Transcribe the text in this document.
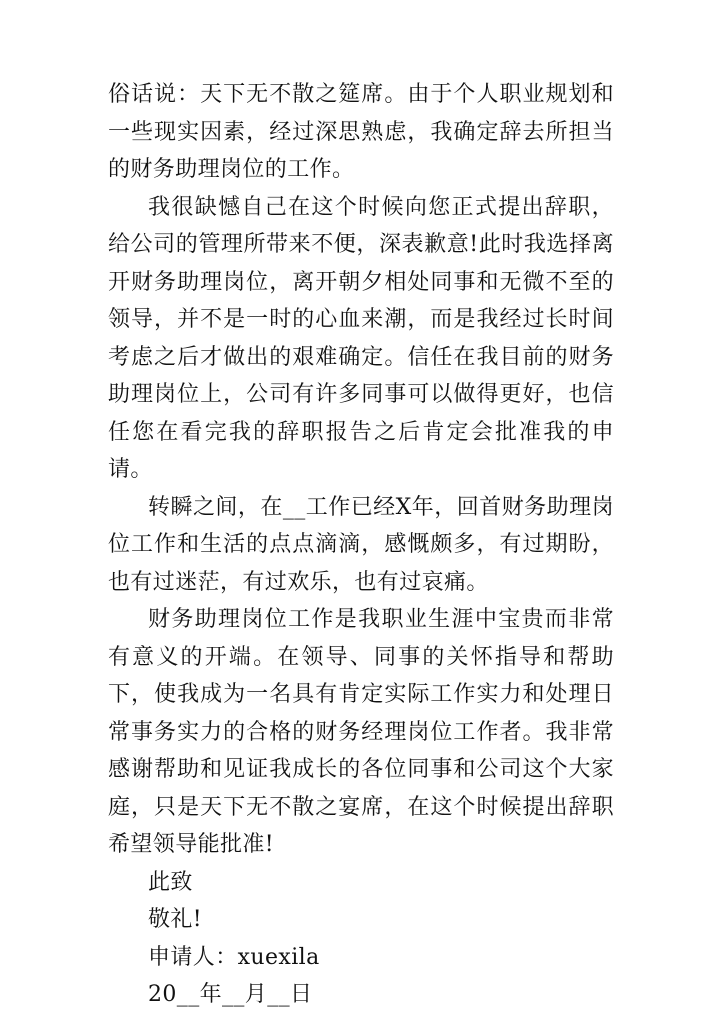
俗话说：天下无不散之筵席。由于个人职业规划和一些现实因素，经过深思熟虑，我确定辞去所担当的财务助理岗位的工作。

我很缺憾自己在这个时候向您正式提出辞职，给公司的管理所带来不便，深表歉意!此时我选择离开财务助理岗位，离开朝夕相处同事和无微不至的领导，并不是一时的心血来潮，而是我经过长时间考虑之后才做出的艰难确定。信任在我目前的财务助理岗位上，公司有许多同事可以做得更好，也信任您在看完我的辞职报告之后肯定会批准我的申请。

转瞬之间，在__工作已经X年，回首财务助理岗位工作和生活的点点滴滴，感慨颇多，有过期盼，也有过迷茫，有过欢乐，也有过哀痛。

财务助理岗位工作是我职业生涯中宝贵而非常有意义的开端。在领导、同事的关怀指导和帮助下，使我成为一名具有肯定实际工作实力和处理日常事务实力的合格的财务经理岗位工作者。我非常感谢帮助和见证我成长的各位同事和公司这个大家庭，只是天下无不散之宴席，在这个时候提出辞职希望领导能批准!

此致

敬礼!

申请人：xuexila

20__年__月__日
